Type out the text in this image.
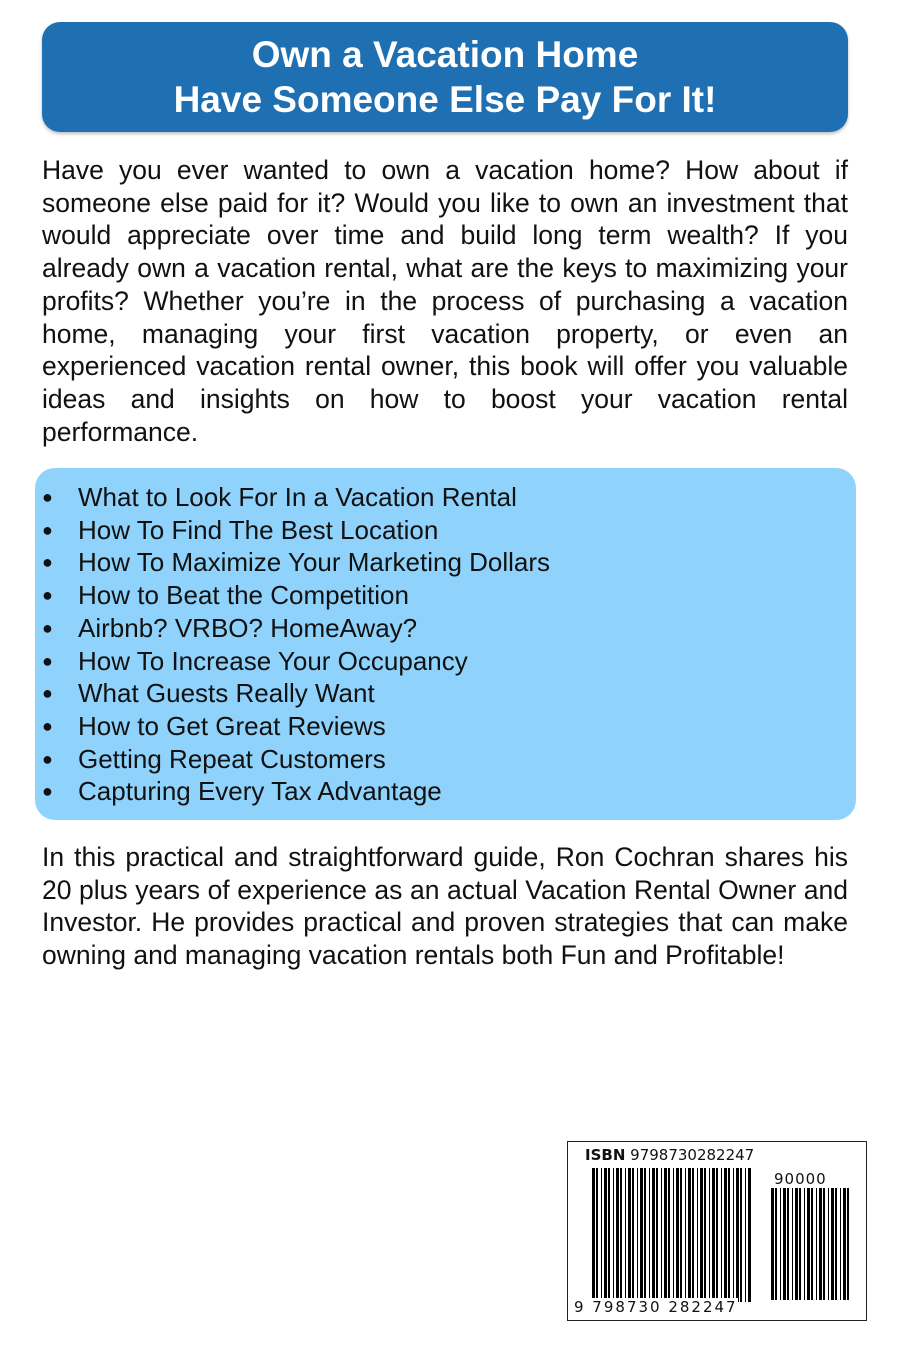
Own a Vacation Home
Have Someone Else Pay For It!

Have you ever wanted to own a vacation home? How about if someone else paid for it? Would you like to own an investment that would appreciate over time and build long term wealth? If you already own a vacation rental, what are the keys to maximizing your profits? Whether you’re in the process of purchasing a vacation home, managing your first vacation property, or even an experienced vacation rental owner, this book will offer you valuable ideas and insights on how to boost your vacation rental performance.

● What to Look For In a Vacation Rental
● How To Find The Best Location
● How To Maximize Your Marketing Dollars
● How to Beat the Competition
● Airbnb? VRBO? HomeAway?
● How To Increase Your Occupancy
● What Guests Really Want
● How to Get Great Reviews
● Getting Repeat Customers
● Capturing Every Tax Advantage

In this practical and straightforward guide, Ron Cochran shares his 20 plus years of experience as an actual Vacation Rental Owner and Investor. He provides practical and proven strategies that can make owning and managing vacation rentals both Fun and Profitable!

ISBN 9798730282247
90000
9 798730 282247
